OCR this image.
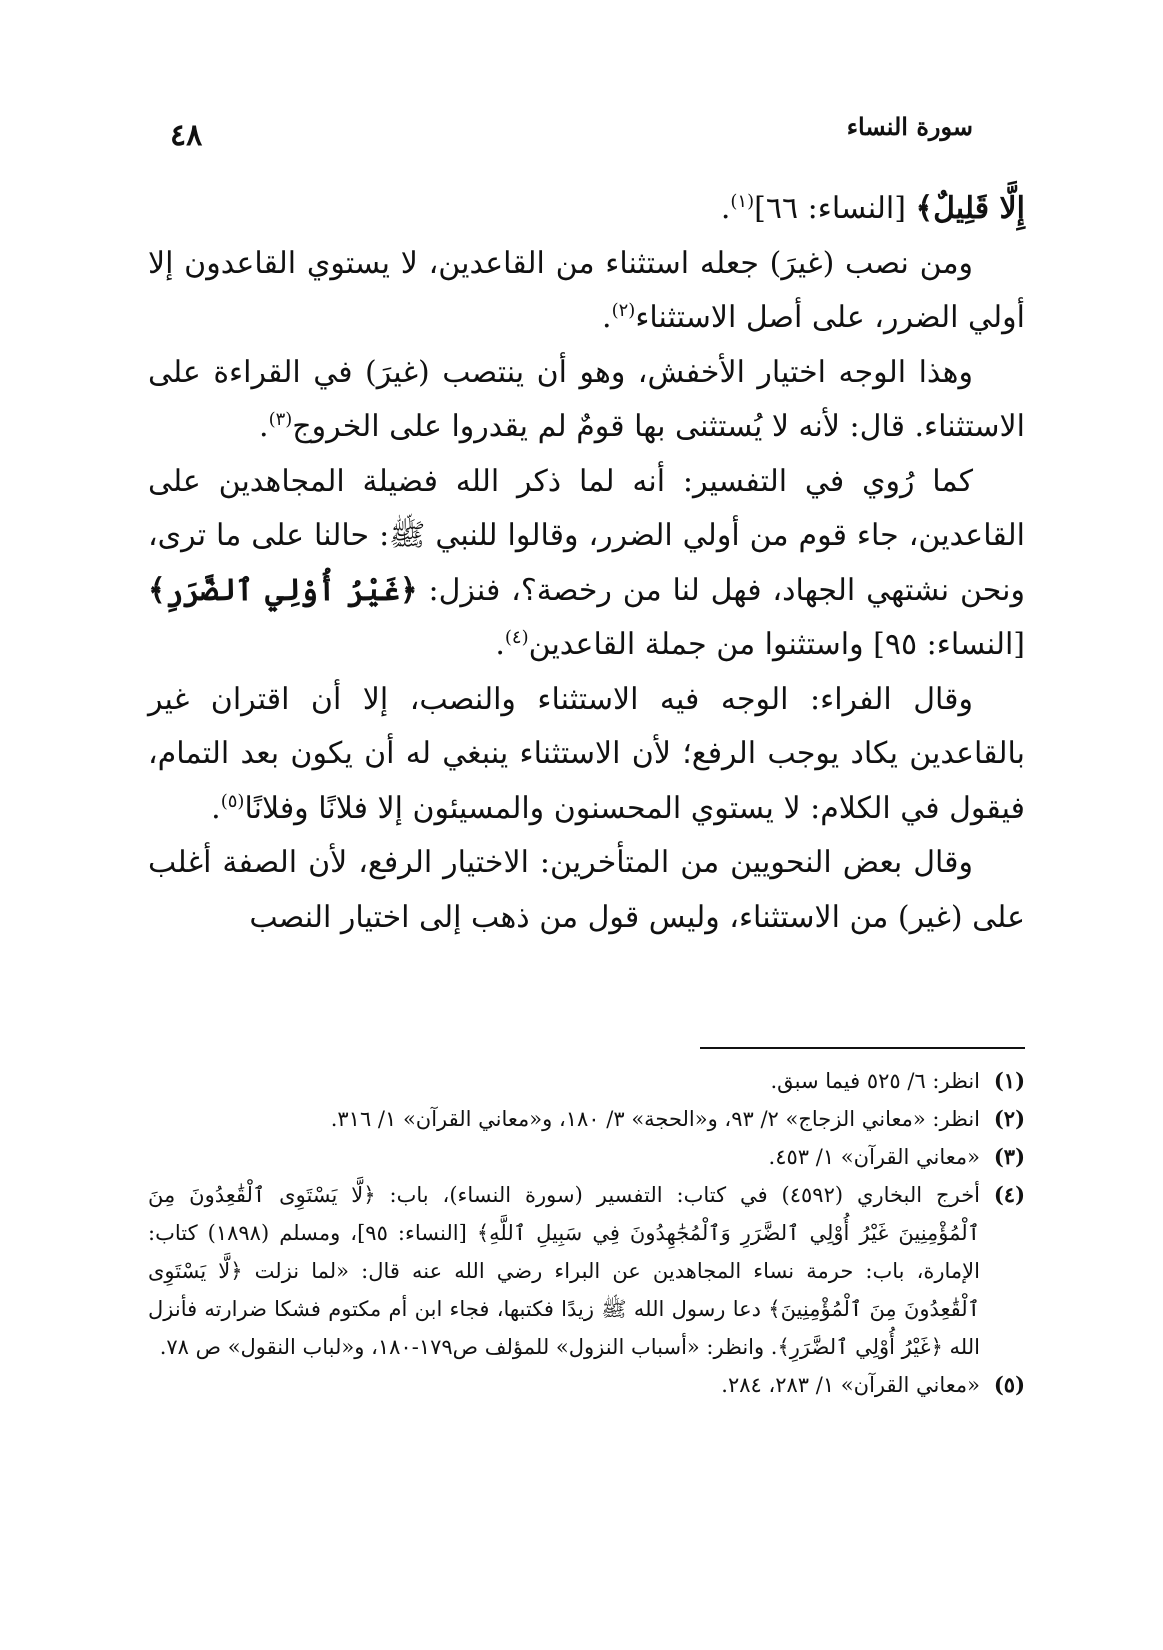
سورة النساء
٤٨

إِلَّا قَلِيلٌ﴾ [النساء: ٦٦]$^{(١)}$.

ومن نصب (غيرَ) جعله استثناء من القاعدين، لا يستوي القاعدون إلا أولي الضرر، على أصل الاستثناء$^{(٢)}$.

وهذا الوجه اختيار الأخفش، وهو أن ينتصب (غيرَ) في القراءة على الاستثناء. قال: لأنه لا يُستثنى بها قومٌ لم يقدروا على الخروج$^{(٣)}$.

كما رُوي في التفسير: أنه لما ذكر الله فضيلة المجاهدين على القاعدين، جاء قوم من أولي الضرر، وقالوا للنبي ﷺ: حالنا على ما ترى، ونحن نشتهي الجهاد، فهل لنا من رخصة؟، فنزل: ﴿غَيْرُ أُوْلِي ٱلضَّرَرِ﴾ [النساء: ٩٥] واستثنوا من جملة القاعدين$^{(٤)}$.

وقال الفراء: الوجه فيه الاستثناء والنصب، إلا أن اقتران غير بالقاعدين يكاد يوجب الرفع؛ لأن الاستثناء ينبغي له أن يكون بعد التمام، فيقول في الكلام: لا يستوي المحسنون والمسيئون إلا فلانًا وفلانًا$^{(٥)}$.

وقال بعض النحويين من المتأخرين: الاختيار الرفع، لأن الصفة أغلب على (غير) من الاستثناء، وليس قول من ذهب إلى اختيار النصب

(١)
انظر: ٦/ ٥٢٥ فيما سبق.
(٢)
انظر: «معاني الزجاج» ٢/ ٩٣، و«الحجة» ٣/ ١٨٠، و«معاني القرآن» ١/ ٣١٦.
(٣)
«معاني القرآن» ١/ ٤٥٣.
(٤)
أخرج البخاري (٤٥٩٢) في كتاب: التفسير (سورة النساء)، باب: ﴿لَّا يَسْتَوِى ٱلْقَٰعِدُونَ مِنَ ٱلْمُؤْمِنِينَ غَيْرُ أُوْلِي ٱلضَّرَرِ وَٱلْمُجَٰهِدُونَ فِي سَبِيلِ ٱللَّهِ﴾ [النساء: ٩٥]، ومسلم (١٨٩٨) كتاب: الإمارة، باب: حرمة نساء المجاهدين عن البراء رضي الله عنه قال: «لما نزلت ﴿لَّا يَسْتَوِى ٱلْقَٰعِدُونَ مِنَ ٱلْمُؤْمِنِينَ﴾ دعا رسول الله ﷺ زيدًا فكتبها، فجاء ابن أم مكتوم فشكا ضرارته فأنزل الله ﴿غَيْرُ أُوْلِي ٱلضَّرَرِ﴾. وانظر: «أسباب النزول» للمؤلف ص١٧٩-١٨٠، و«لباب النقول» ص ٧٨.
(٥)
«معاني القرآن» ١/ ٢٨٣، ٢٨٤.
